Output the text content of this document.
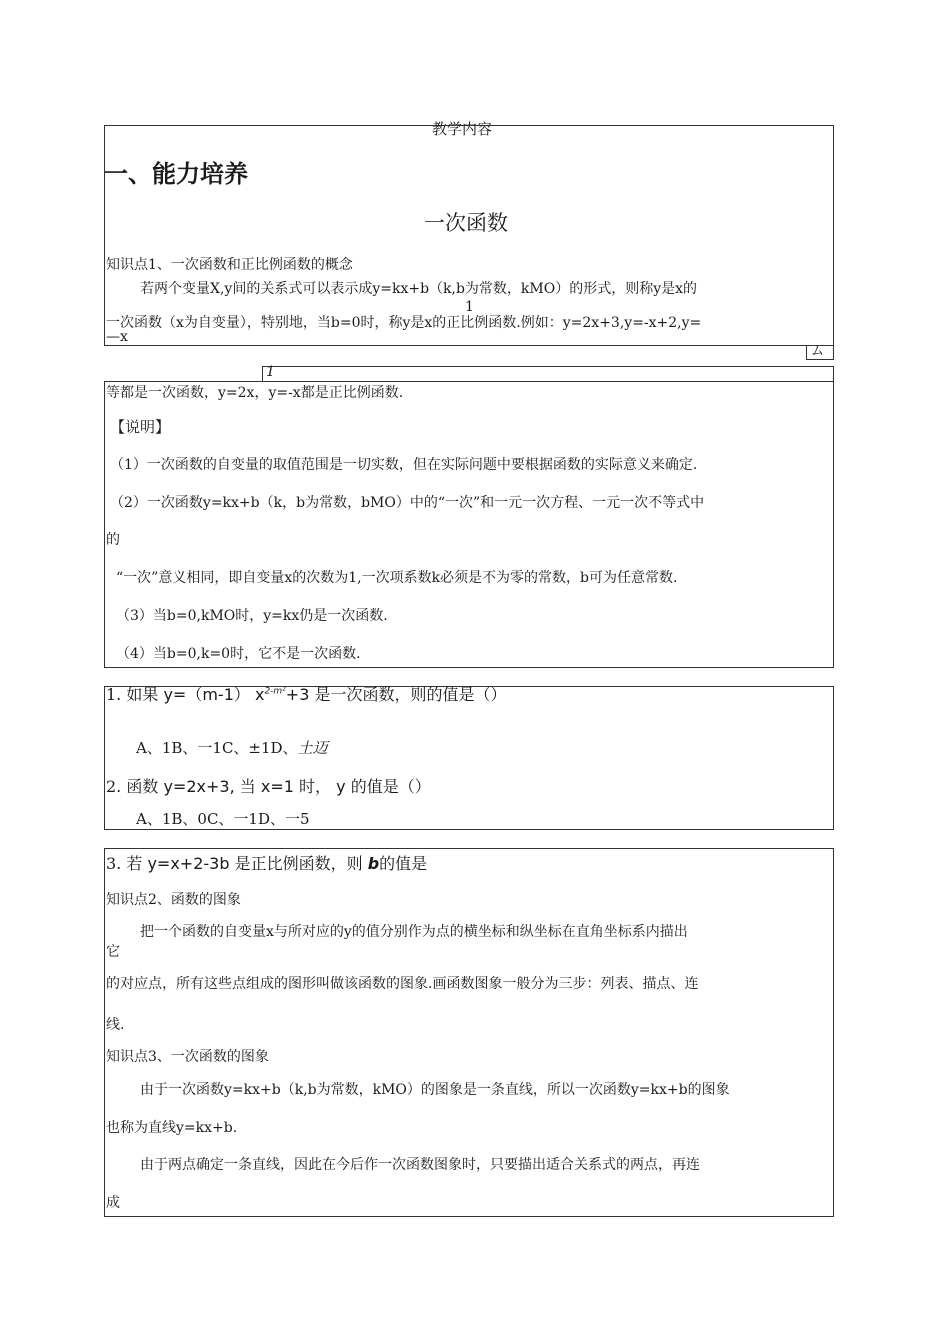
教学内容
一、能力培养
一次函数
知识点1、一次函数和正比例函数的概念
若两个变量X,y间的关系式可以表示成y=kx+b（k,b为常数，kMO）的形式，则称y是x的
1
一次函数（x为自变量），特别地，当b=0时，称y是x的正比例函数.例如：y=2x+3,y=-x+2,y=
—x
ム
1
等都是一次函数，y=2x，y=-x都是正比例函数.
【说明】
（1）一次函数的自变量的取值范围是一切实数，但在实际问题中要根据函数的实际意义来确定.
（2）一次函数y=kx+b（k，b为常数，bMO）中的“一次”和一元一次方程、一元一次不等式中
的
“一次”意义相同，即自变量x的次数为1,一次项系数k必须是不为零的常数，b可为任意常数.
（3）当b=0,kMO时，y=kx仍是一次函数.
（4）当b=0,k=0时，它不是一次函数.
1. 如果 y=（m-1） $x^{2-m^2}+3$ 是一次函数，则的值是（）
A、1B、一1C、±1D、土迈
2. 函数 y=2x+3, 当 x=1 时， y 的值是（）
A、1B、0C、一1D、一5
3. 若 y=x+2-3b 是正比例函数，则 b的值是
知识点2、函数的图象
把一个函数的自变量x与所对应的y的值分别作为点的横坐标和纵坐标在直角坐标系内描出
它
的对应点，所有这些点组成的图形叫做该函数的图象.画函数图象一般分为三步：列表、描点、连
线.
知识点3、一次函数的图象
由于一次函数y=kx+b（k,b为常数，kMO）的图象是一条直线，所以一次函数y=kx+b的图象
也称为直线y=kx+b.
由于两点确定一条直线，因此在今后作一次函数图象时，只要描出适合关系式的两点，再连
成
